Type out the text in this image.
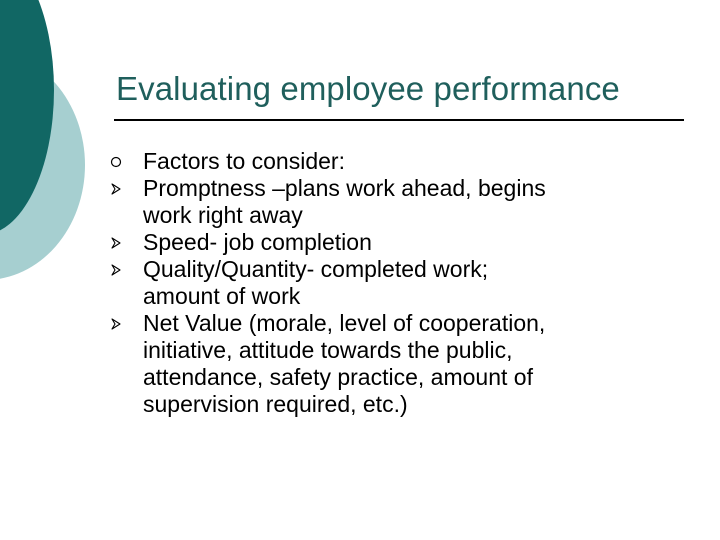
Evaluating employee performance
Factors to consider:
Promptness –plans work ahead, begins
work right away
Speed- job completion
Quality/Quantity- completed work;
amount of work
Net Value (morale, level of cooperation,
initiative, attitude towards the public,
attendance, safety practice, amount of
supervision required, etc.)
